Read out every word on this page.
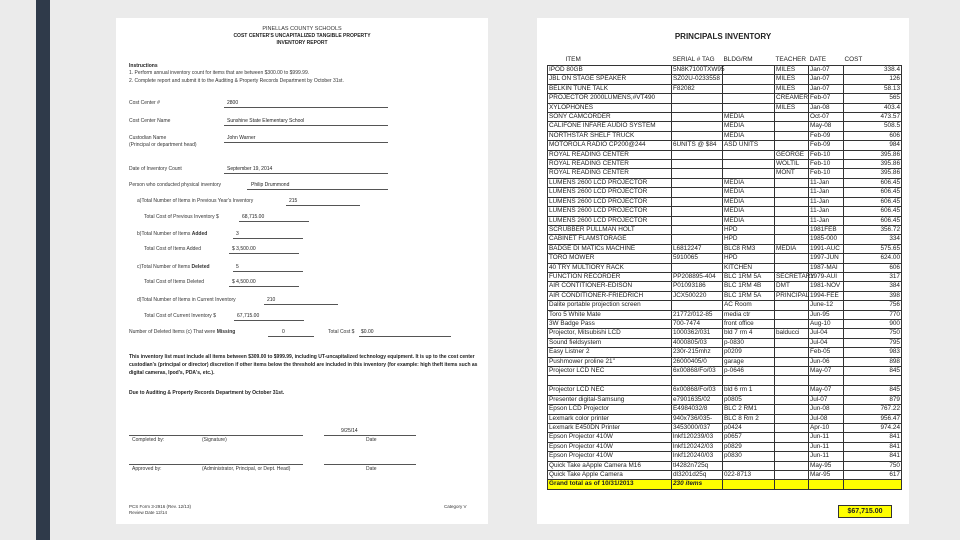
PINELLAS COUNTY SCHOOLS
COST CENTER'S UNCAPITALIZED TANGIBLE PROPERTY
INVENTORY REPORT
Instructions
1. Perform annual inventory count for items that are between $300.00 to $999.99.
2. Complete report and submit it to the Auditing & Property Records Department by October 31st.
Cost Center #	2800
Cost Center Name	Sunshine State Elementary School
Custodian Name
(Principal or department head)
John Warner
Date of Inventory Count	September 19, 2014
Person who conducted physical inventory	Philip Drummond
a)Total Number of Items in Previous Year's Inventory	215
Total Cost of Previous Inventory $	68,715.00
b)Total Number of Items Added	3
Total Cost of Items Added	$ 3,500.00
c)Total Number of Items Deleted	5
Total Cost of Items Deleted	$ 4,500.00
d)Total Number of Items in Current Inventory	210
Total Cost of Current Inventory $	67,715.00
Number of Deleted Items (c) That were Missing	0	Total Cost $ $0.00
This inventory list must include all items between $309.00 to $999.99, including UT-uncapitalized technology equipment. It is up to the cost center custodian's (principal or director) discretion if other items below the threshold are included in this inventory (for example: high theft items such as digital cameras, Ipod's, PDA's, etc.).
Due to Auditing & Property Records Department by October 31st.
9/25/14
Completed by:	(Signature)	Date
Approved by:	(Administrator, Principal, or Dept. Head)	Date
PCS Form 3-2916 (Rev. 12/13)
Review Date 12/14
Category V
PRINCIPALS INVENTORY
ITEM	SERIAL # TAG	BLDG/RM	TEACHER	DATE	COST
IPOD 80GB	5N8K7100TXW95		MILES	Jan-07	338.4
JBL ON STAGE SPEAKER	SZ02U-0233558		MILES	Jan-07	126
BELKIN TUNE TALK	F82082		MILES	Jan-07	58.13
PROJECTOR 2000LUMENS,#VT490			CREAMER	Feb-07	565
XYLOPHONES			MILES	Jan-08	403.4
SONY CAMCORDER		MEDIA		Oct-07	473.57
CALIFONE INFARE AUDIO SYSTEM		MEDIA		May-08	508.5
NORTHSTAR SHELF TRUCK		MEDIA		Feb-09	606
MOTOROLA RADIO CP200@244	6UNITS @ $84	ASD UNITS		Feb-09	984
ROYAL READING CENTER			GEORGE	Feb-10	395.86
ROYAL READING CENTER			WOLTIL	Feb-10	395.86
ROYAL READING CENTER			MONT	Feb-10	395.86
LUMENS 2600 LCD PROJECTOR		MEDIA		11-Jan	606.45
LUMENS 2600 LCD PROJECTOR		MEDIA		11-Jan	606.45
LUMENS 2600 LCD PROJECTOR		MEDIA		11-Jan	606.45
LUMENS 2600 LCD PROJECTOR		MEDIA		11-Jan	606.45
LUMENS 2600 LCD PROJECTOR		MEDIA		11-Jan	606.45
SCRUBBER PULLMAN HOLT		HPD		1981FEB	356.72
CABINET FLAMSTORAGE		HPD		1985-000	334
BADGE DI MATICs MACHINE	L6812247	BLC8 RM3	MEDIA	1991-AUC	575.65
TORO MOWER	5910065	HPD		1997-JUN	624.00
40 TRY MULTIORY RACK		KITCHEN		1987-MAI	606
FUNCTION RECORDER	PP208895-404	BLC 1RM 5A	SECRETARY	1979-AUI	317
AIR CONTITIONER-EDISON	P01093186	BLC 1RM 4B	DMT	1981-NOV	384
AIR CONDITIONER-FRIEDRICH	JCX500220	BLC 1RM 5A	PRINCIPAL	1994-FEE	398
Dalite portable projection screen		AC Room		June-12	756
Toro 5 White Mate	21772/012-85	media ctr		Jun-95	770
3W Badge Pass	700-7474	front office		Aug-10	900
Projector, Mitsubishi LCD	1000362/031	bld 7 rm 4	balducci	Jul-04	750
Sound fieldsystem	4000805/03	p-0830		Jul-04	795
Easy Listner 2	230r-215mhz	p0209		Feb-05	983
Pushmower proline 21"	26000405/0	garage		Jun-06	898
Projector LCD NEC	6x00868/Fo/03	p-0646		May-07	845

Projector LCD NEC	6x00868/Fo/03	bld 6 rm 1		May-07	845
Presenter digital-Samsung	e7901635/02	p0805		Jul-07	879
Epson LCD Projector	E4984032/8	BLC 2 RM1		Jun-08	767.22
Lexmark color printer	940x736/035-	BLC 8 Rm 2		Jul-08	956.47
Lexmark E450DN Printer	3453000/037	p0424		Apr-10	974.24
Epson Projector 410W	lnkf120239/03	p0657		Jun-11	841
Epson Projector 410W	lnkf120242/03	p0829		Jun-11	841
Epson Projector 410W	lnkf120240/03	p0830		Jun-11	841
Quick Take aApple Camera M16	tl4282n725q			May-95	750
Quick Take Apple Camera	dl3201d25q	022-8713		Mar-95	617
Grand total as of 10/31/2013	230 items				
$67,715.00
